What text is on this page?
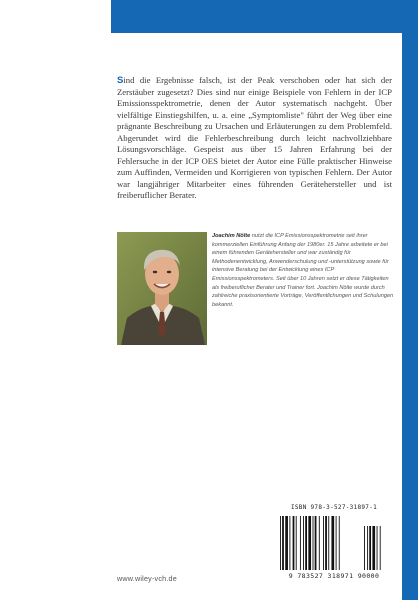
Sind die Ergebnisse falsch, ist der Peak verschoben oder hat sich der Zerstäuber zugesetzt? Dies sind nur einige Beispiele von Fehlern in der ICP Emissionsspektrometrie, denen der Autor systematisch nachgeht. Über vielfältige Einstiegshilfen, u. a. eine „Symptomliste" führt der Weg über eine prägnante Beschreibung zu Ursachen und Erläuterungen zu dem Problemfeld. Abgerundet wird die Fehlerbeschreibung durch leicht nachvollziehbare Lösungsvorschläge. Gespeist aus über 15 Jahren Erfahrung bei der Fehlersuche in der ICP OES bietet der Autor eine Fülle praktischer Hinweise zum Auffinden, Vermeiden und Korrigieren von typischen Fehlern. Der Autor war langjähriger Mitarbeiter eines führenden Gerätehersteller und ist freiberuflicher Berater.

Joachim Nölte nutzt die ICP Emissionsspektrometrie seit ihrer kommerziellen Einführung Anfang der 1980er. 15 Jahre arbeitete er bei einem führenden Gerätehersteller und war zuständig für Methodenentwicklung, Anwenderschulung und -unterstützung sowie für intensive Beratung bei der Entwicklung eines ICP Emissionsspektrometers. Seit über 10 Jahren setzt er diese Tätigkeiten als freiberuflicher Berater und Trainer fort. Joachim Nölte wurde durch zahlreiche praxisorientierte Vorträge, Veröffentlichungen und Schulungen bekannt.

ISBN 978-3-527-31897-1
9 783527 318971 90000
www.wiley-vch.de
